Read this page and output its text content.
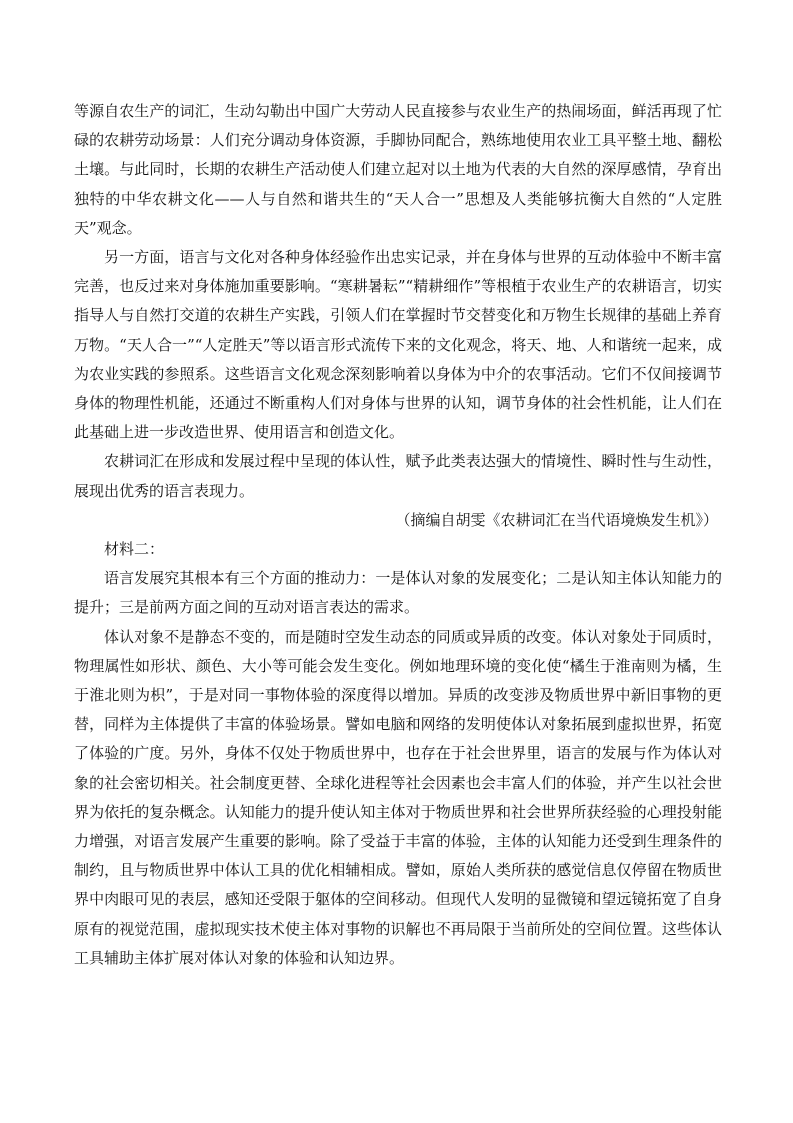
等源自农生产的词汇，生动勾勒出中国广大劳动人民直接参与农业生产的热闹场面，鲜活再现了忙碌的农耕劳动场景：人们充分调动身体资源，手脚协同配合，熟练地使用农业工具平整土地、翻松土壤。与此同时，长期的农耕生产活动使人们建立起对以土地为代表的大自然的深厚感情，孕育出独特的中华农耕文化——人与自然和谐共生的“天人合一”思想及人类能够抗衡大自然的“人定胜天”观念。

另一方面，语言与文化对各种身体经验作出忠实记录，并在身体与世界的互动体验中不断丰富完善，也反过来对身体施加重要影响。“寒耕暑耘”“精耕细作”等根植于农业生产的农耕语言，切实指导人与自然打交道的农耕生产实践，引领人们在掌握时节交替变化和万物生长规律的基础上养育万物。“天人合一”“人定胜天”等以语言形式流传下来的文化观念，将天、地、人和谐统一起来，成为农业实践的参照系。这些语言文化观念深刻影响着以身体为中介的农事活动。它们不仅间接调节身体的物理性机能，还通过不断重构人们对身体与世界的认知，调节身体的社会性机能，让人们在此基础上进一步改造世界、使用语言和创造文化。

农耕词汇在形成和发展过程中呈现的体认性，赋予此类表达强大的情境性、瞬时性与生动性，展现出优秀的语言表现力。

（摘编自胡雯《农耕词汇在当代语境焕发生机》）

材料二：

语言发展究其根本有三个方面的推动力：一是体认对象的发展变化；二是认知主体认知能力的提升；三是前两方面之间的互动对语言表达的需求。

体认对象不是静态不变的，而是随时空发生动态的同质或异质的改变。体认对象处于同质时，物理属性如形状、颜色、大小等可能会发生变化。例如地理环境的变化使“橘生于淮南则为橘，生于淮北则为枳”，于是对同一事物体验的深度得以增加。异质的改变涉及物质世界中新旧事物的更替，同样为主体提供了丰富的体验场景。譬如电脑和网络的发明使体认对象拓展到虚拟世界，拓宽了体验的广度。另外，身体不仅处于物质世界中，也存在于社会世界里，语言的发展与作为体认对象的社会密切相关。社会制度更替、全球化进程等社会因素也会丰富人们的体验，并产生以社会世界为依托的复杂概念。认知能力的提升使认知主体对于物质世界和社会世界所获经验的心理投射能力增强，对语言发展产生重要的影响。除了受益于丰富的体验，主体的认知能力还受到生理条件的制约，且与物质世界中体认工具的优化相辅相成。譬如，原始人类所获的感觉信息仅停留在物质世界中肉眼可见的表层，感知还受限于躯体的空间移动。但现代人发明的显微镜和望远镜拓宽了自身原有的视觉范围，虚拟现实技术使主体对事物的识解也不再局限于当前所处的空间位置。这些体认工具辅助主体扩展对体认对象的体验和认知边界。
